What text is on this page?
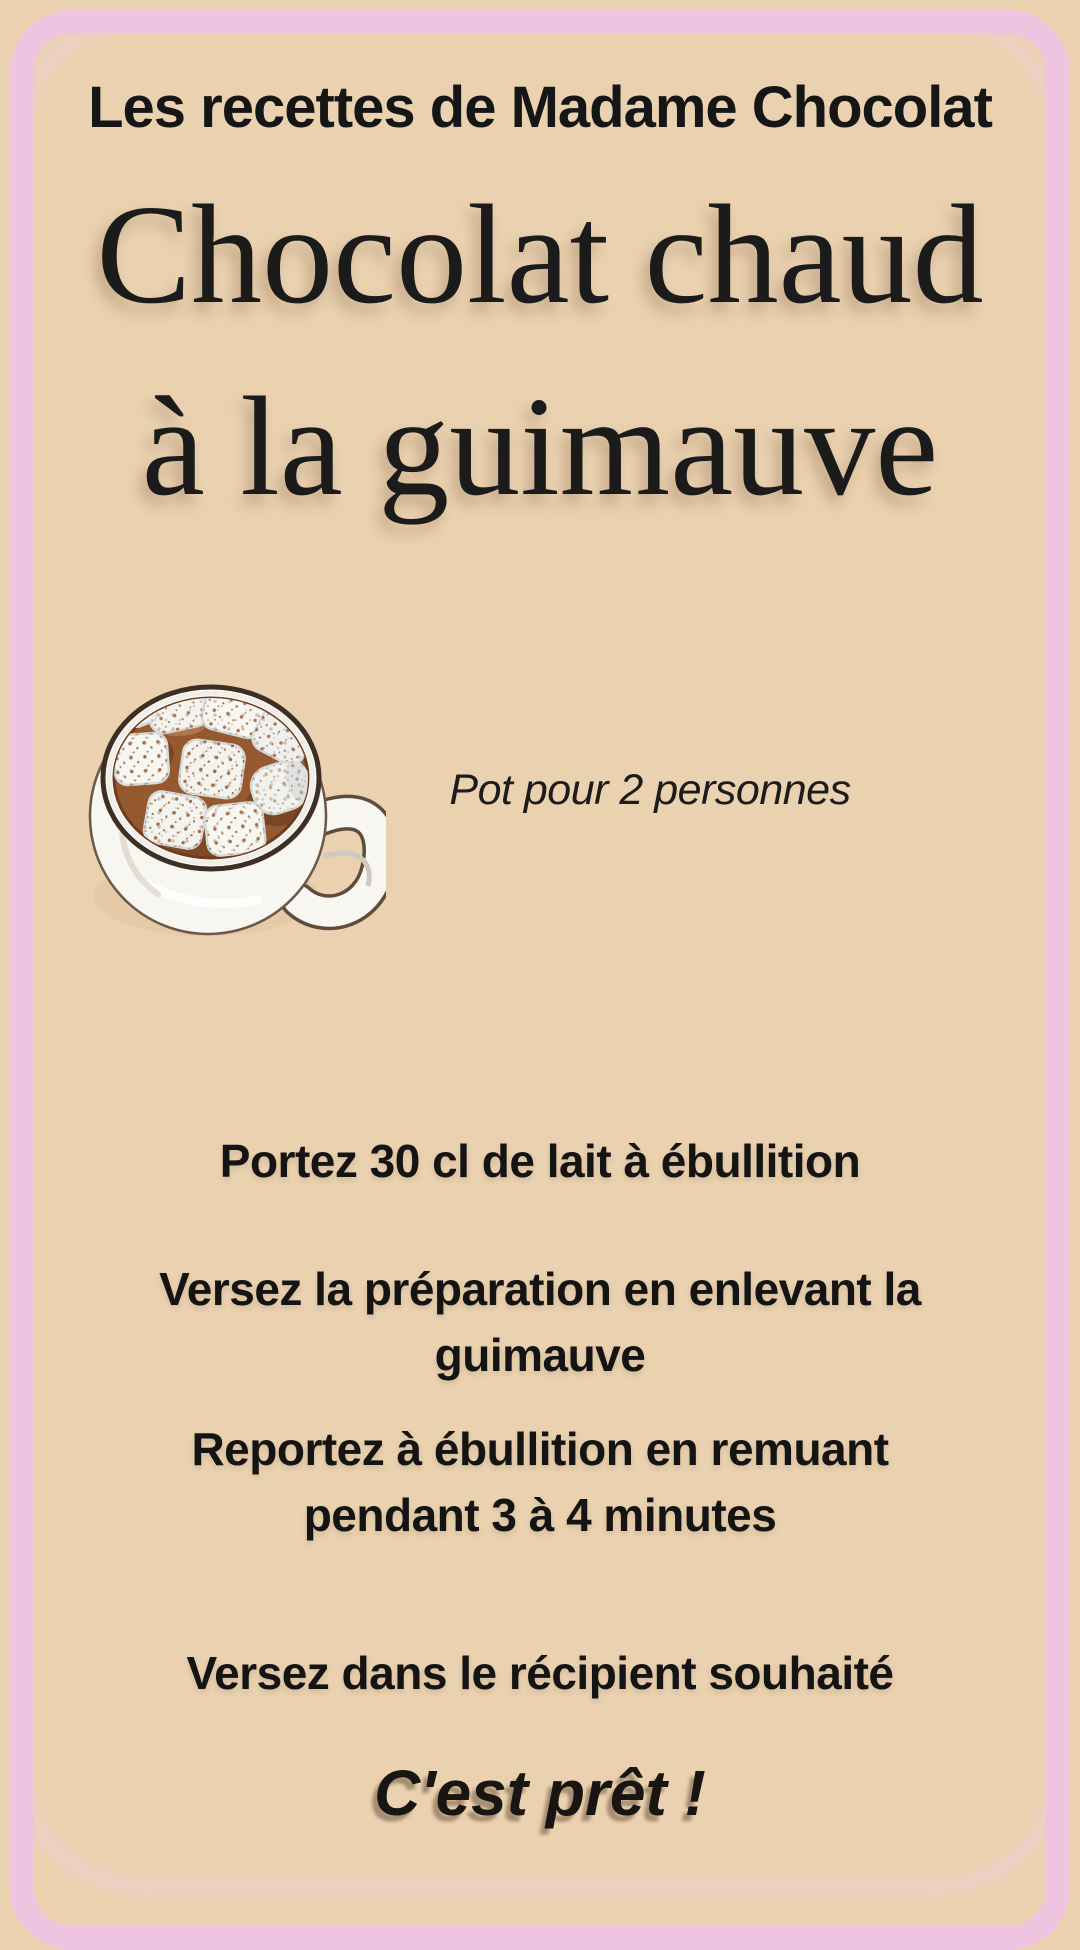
Les recettes de Madame Chocolat
Chocolat chaud
à la guimauve
Pot pour 2 personnes
Portez 30 cl de lait à ébullition
Versez la préparation en enlevant la guimauve
Reportez à ébullition en remuant pendant 3 à 4 minutes
Versez dans le récipient souhaité
C'est prêt !
